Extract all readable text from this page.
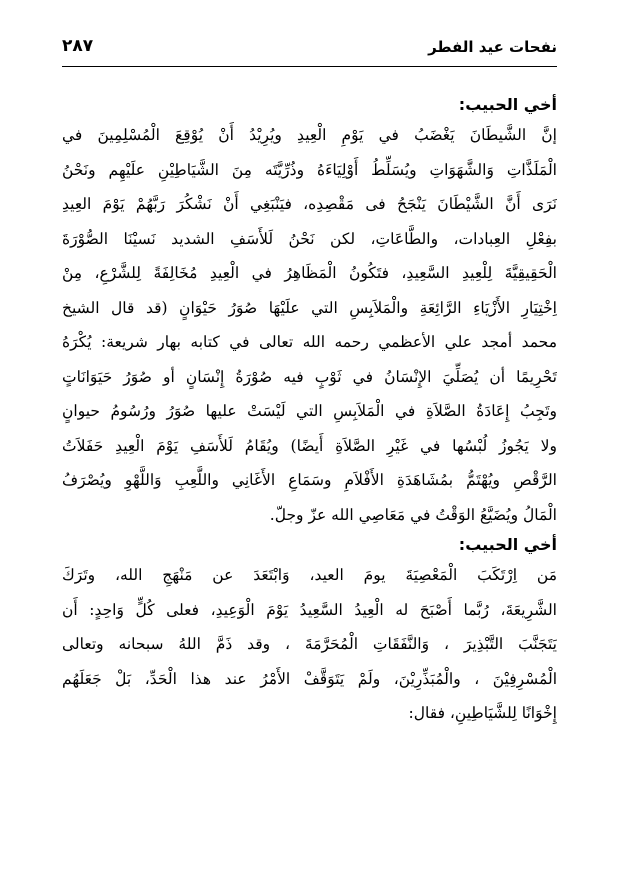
نفحات عيد الفطر
٢٨٧
أخي الحبيب:
إنَّ الشَّيطَانَ يَغْضَبُ في يَوْمِ الْعِيدِ ويُرِيْدُ أَنْ يُوْقِعَ الْمُسْلِمِينَ في
الْمَلَذَّاتِ وَالشَّهَوَاتِ ويُسَلِّطُ أَوْلِيَاءَهُ وذُرِّيَّتَه مِنَ الشَّيَاطِيْنِ علَيْهِم ونَحْنُ
نَرَى أَنَّ الشَّيْطَانَ يَنْجَحُ فى مَقْصِدِه، فيَنْبَغِي أَنْ نَشْكُرَ رَبَّهُمْ يَوْمَ العِيدِ
بفِعْلِ العِبادات، والطَّاعَاتِ، لكن نَحْنُ لَلأَسَفِ الشديد نَسيْنَا الصُّوْرَةَ
الْحَقِيقِيَّةَ لِلْعِيدِ السَّعِيدِ، فتَكُونُ الْمَظَاهِرُ في الْعِيدِ مُخَالِفَةً لِلشَّرْعِ، مِنْ
اِخْتِيَارِ الأَزْيَاءِ الرَّائِعَةِ والْمَلاَبِسِ التي علَيْهَا صُوَرُ حَيْوَانٍ (قد قال الشيخ
محمد أمجد علي الأعظمي رحمه الله تعالى في كتابه بهار شريعة: يُكْرَهُ
تَحْرِيمًا أن يُصَلِّيَ الإِنْسَانُ في ثَوْبٍ فيه صُوْرَةُ إِنْسَانٍ أو صُوَرُ حَيَوَانَاتٍ
وتَجِبُ إِعَادَةُ الصَّلاَةِ في الْمَلاَبِسِ التي لَيْسَتْ عليها صُوَرُ ورُسُومُ حيوانٍ
ولا يَجُوزُ لُبْسُها في غَيْرِ الصَّلاَةِ أَيضًا) ويُقَامُ لَلأَسَفِ يَوْمَ الْعِيدِ حَفَلاَتُ
الرَّقْصِ ويُهْتَمُّ بمُشَاهَدَةِ الأَفْلاَمِ وسَمَاعِ الأَغَانِي واللَّعِبِ وَاللَّهْوِ ويُصْرَفُ
الْمَالُ ويُضَيَّعُ الوَقْتُ في مَعَاصِي الله عزّ وجلّ.
أخي الحبيب:
مَن اِرْتَكَبَ الْمَعْصِيَةَ يومَ العيد، وَابْتَعَدَ عن مَنْهَجِ الله، وتَرَكَ
الشَّرِيعَةَ، رُبَّما أَصْبَحَ له الْعِيدُ السَّعِيدُ يَوْمَ الْوَعِيدِ، فعلى كُلٍّ وَاحِدٍ: أَن
يَتَجَنَّبَ التَّبْذِيرَ ، وَالنَّفَقَاتِ الْمُحَرَّمَةَ ، وقد ذَمَّ اللهُ سبحانه وتعالى
الْمُسْرِفِيْنَ ، والْمُبَذِّرِيْنَ، ولَمْ يَتَوَقَّفْ الأَمْرُ عند هذا الْحَدِّ، بَلْ جَعَلَهُم
إِخْوَانًا لِلشَّيَاطِينِ، فقال:
